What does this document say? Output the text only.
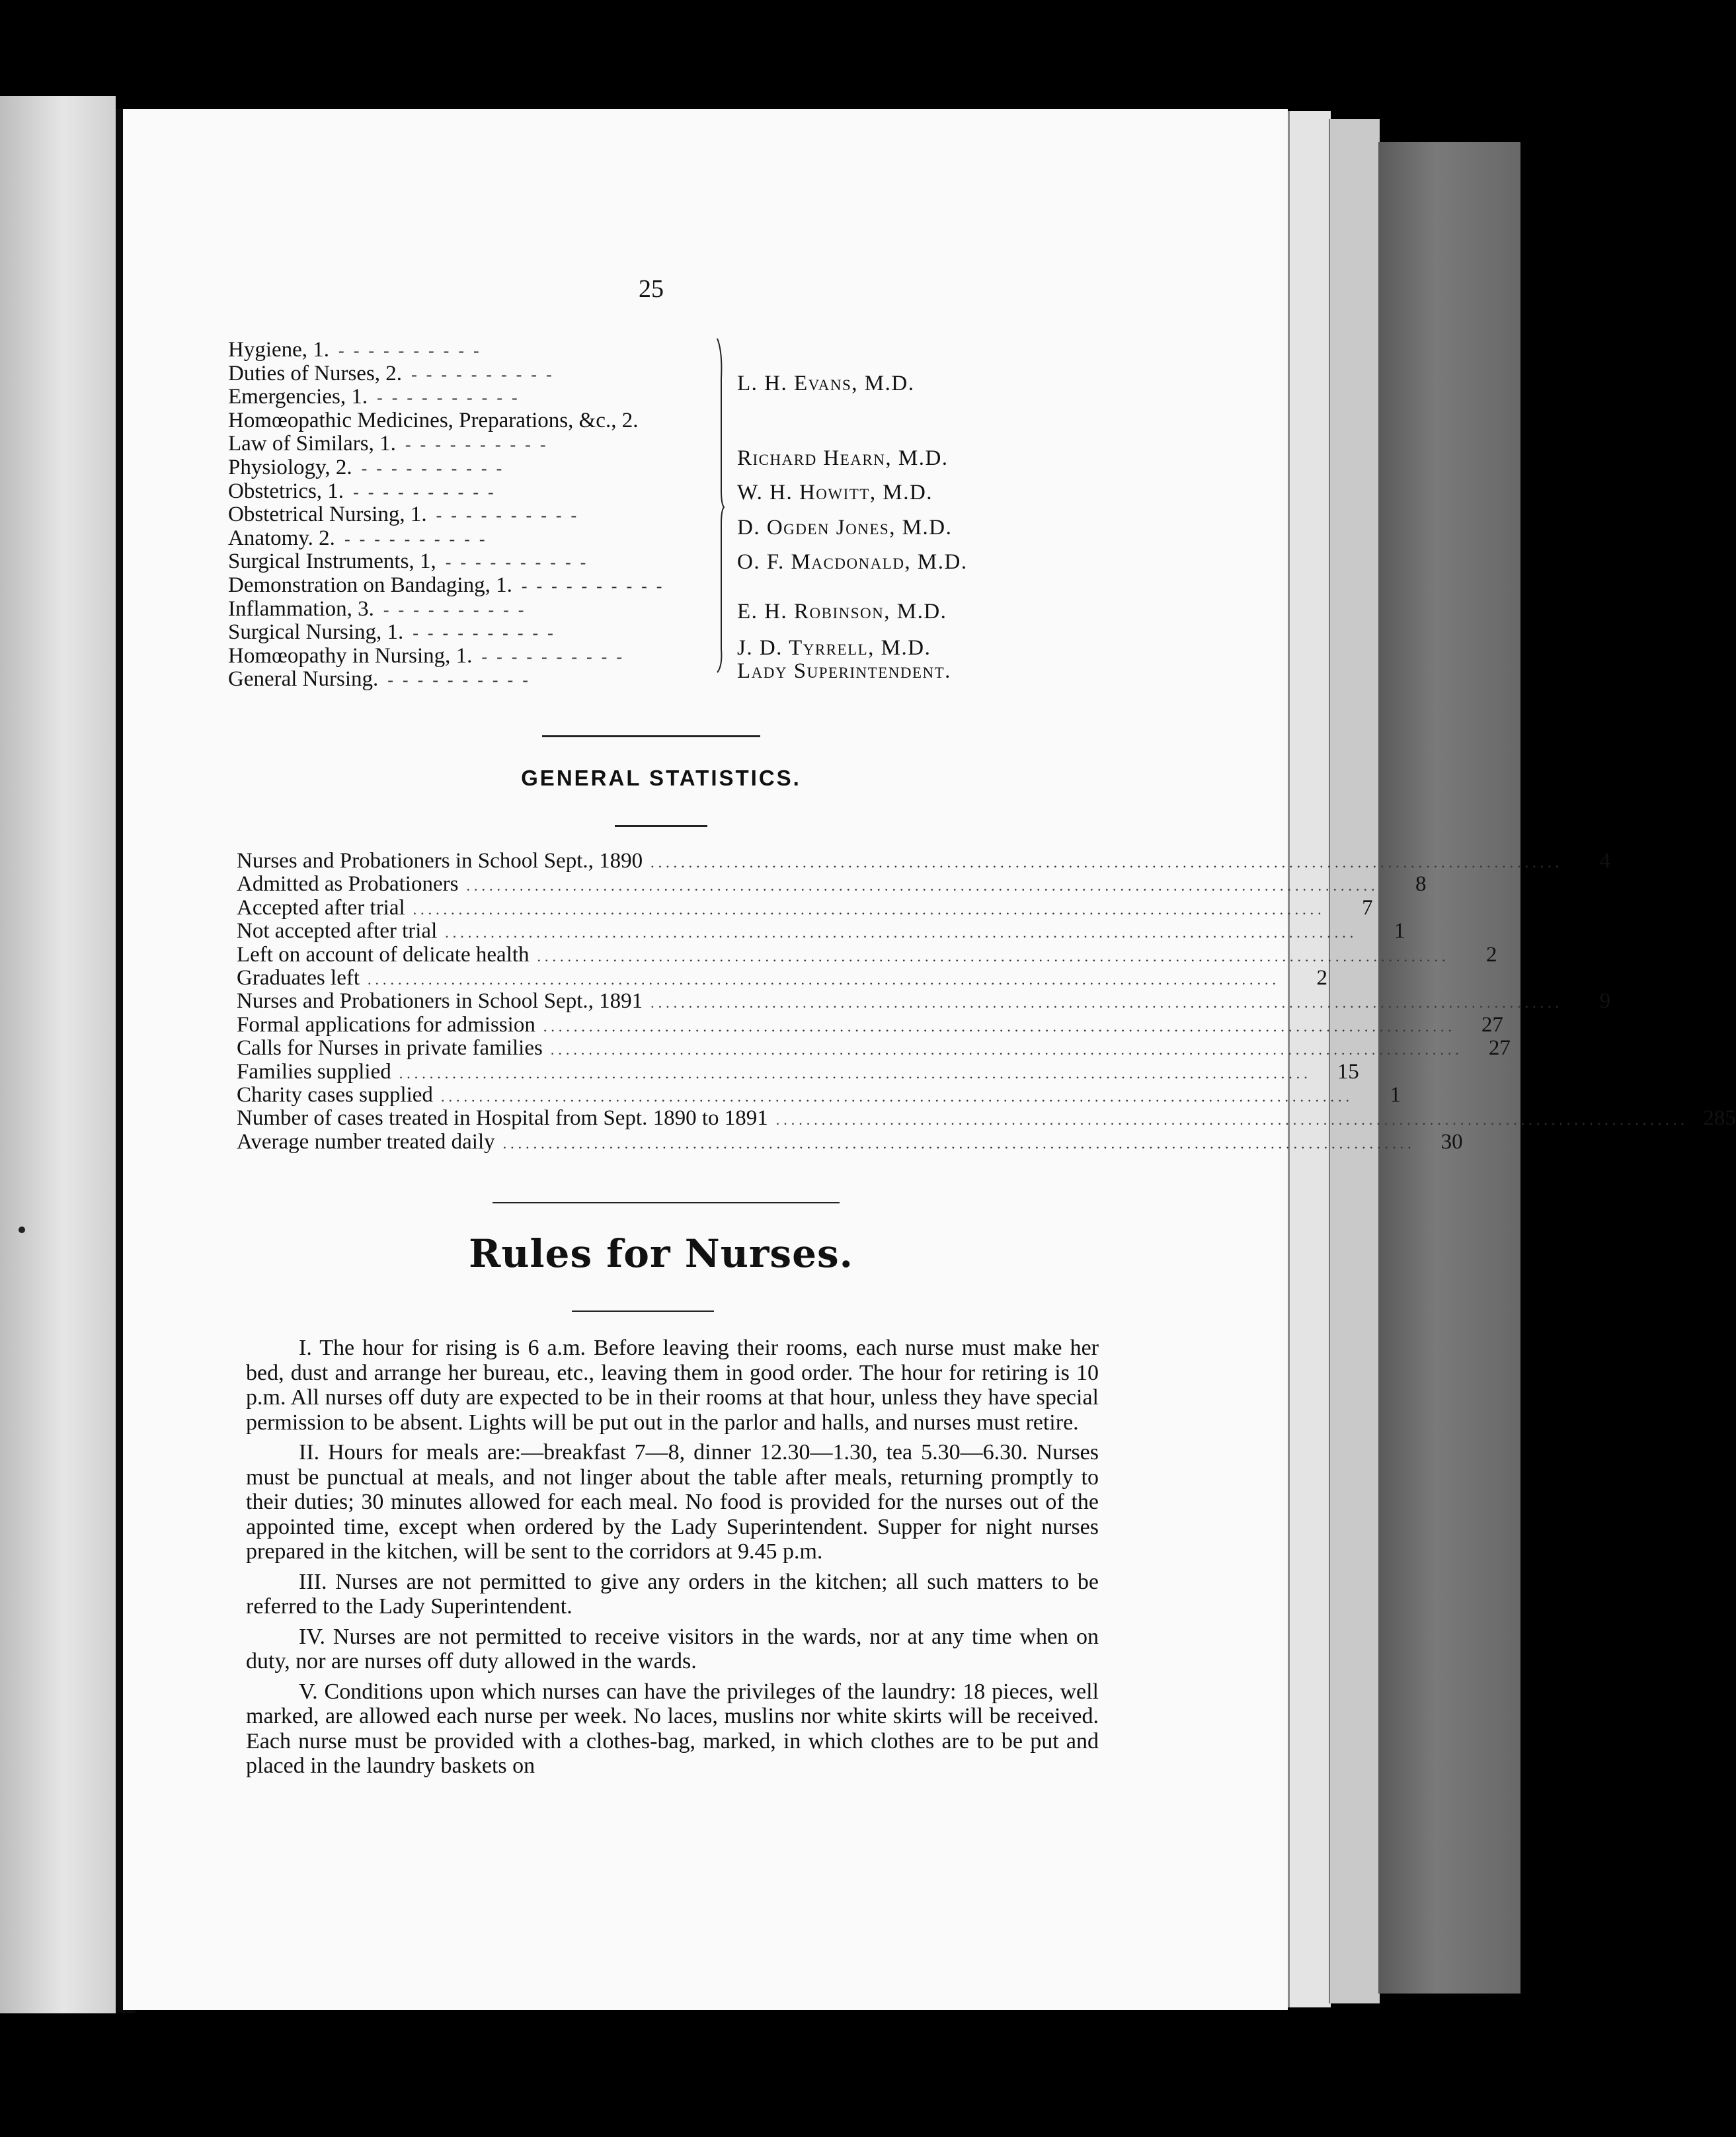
25
Hygiene, 1. ----------
Duties of Nurses, 2. ----------
Emergencies, 1. ----------
Homœopathic Medicines, Preparations, &c., 2.
Law of Similars, 1. ----------
Physiology, 2. ----------
Obstetrics, 1. ----------
Obstetrical Nursing, 1. ----------
Anatomy. 2. ----------
Surgical Instruments, 1, ----------
Demonstration on Bandaging, 1. ----------
Inflammation, 3. ----------
Surgical Nursing, 1. ----------
Homœopathy in Nursing, 1. ----------
General Nursing. ----------
L. H. Evans, M.D.
Richard Hearn, M.D.
W. H. Howitt, M.D.
D. Ogden Jones, M.D.
O. F. Macdonald, M.D.
E. H. Robinson, M.D.
J. D. Tyrrell, M.D.
Lady Superintendent.
GENERAL STATISTICS.
Nurses and Probationers in School Sept., 1890 ........................................................................................................................	4
Admitted as Probationers ........................................................................................................................	8
Accepted after trial ........................................................................................................................	7
Not accepted after trial ........................................................................................................................	1
Left on account of delicate health ........................................................................................................................	2
Graduates left ........................................................................................................................	2
Nurses and Probationers in School Sept., 1891 ........................................................................................................................	9
Formal applications for admission ........................................................................................................................	27
Calls for Nurses in private families ........................................................................................................................	27
Families supplied ........................................................................................................................	15
Charity cases supplied ........................................................................................................................	1
Number of cases treated in Hospital from Sept. 1890 to 1891 ........................................................................................................................ 285
Average number treated daily ........................................................................................................................	30
Rules for Nurses.

I. The hour for rising is 6 a.m. Before leaving their rooms, each nurse must make her bed, dust and arrange her bureau, etc., leaving them in good order. The hour for retiring is 10 p.m. All nurses off duty are expected to be in their rooms at that hour, unless they have special permission to be absent. Lights will be put out in the parlor and halls, and nurses must retire.

II. Hours for meals are:—breakfast 7—8, dinner 12.30—1.30, tea 5.30—6.30. Nurses must be punctual at meals, and not linger about the table after meals, returning promptly to their duties; 30 minutes allowed for each meal. No food is provided for the nurses out of the appointed time, except when ordered by the Lady Superintendent. Supper for night nurses prepared in the kitchen, will be sent to the corridors at 9.45 p.m.

III. Nurses are not permitted to give any orders in the kitchen; all such matters to be referred to the Lady Superintendent.

IV. Nurses are not permitted to receive visitors in the wards, nor at any time when on duty, nor are nurses off duty allowed in the wards.

V. Conditions upon which nurses can have the privileges of the laundry: 18 pieces, well marked, are allowed each nurse per week. No laces, muslins nor white skirts will be received. Each nurse must be provided with a clothes-bag, marked, in which clothes are to be put and placed in the laundry baskets on
